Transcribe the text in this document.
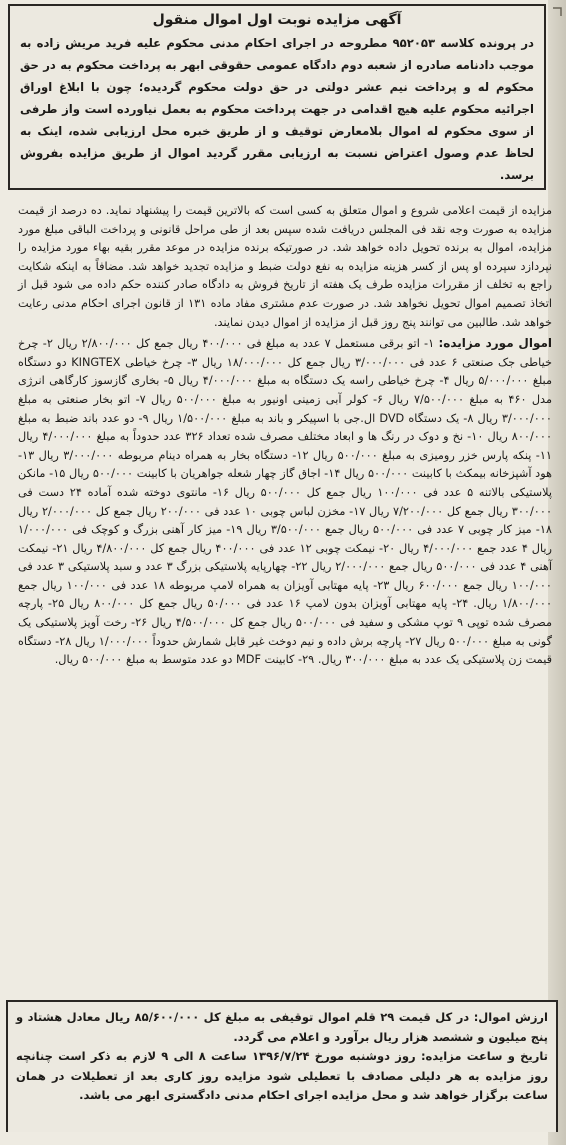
آگهی مزایده نوبت اول اموال منقول

در پرونده کلاسه ۹۵۲۰۵۳ مطروحه در اجرای احکام مدنی محکوم علیه فرید مریش زاده به موجب دادنامه صادره از شعبه دوم دادگاه عمومی حقوقی ابهر به پرداخت محکوم به در حق محکوم له و پرداخت نیم عشر دولتی در حق دولت محکوم گردیده؛ چون با ابلاغ اوراق اجرائیه محکوم علیه هیچ اقدامی در جهت پرداخت محکوم به بعمل نیاورده است واز طرفی از سوی محکوم له اموال بلامعارض توقیف و از طریق خبره محل ارزیابی شده، اینک به لحاظ عدم وصول اعتراض نسبت به ارزیابی مقرر گردید اموال از طریق مزایده بفروش برسد.

مزایده از قیمت اعلامی شروع و اموال متعلق به کسی است که بالاترین قیمت را پیشنهاد نماید. ده درصد از قیمت مزایده به صورت وجه نقد فی المجلس دریافت شده سپس بعد از طی مراحل قانونی و پرداخت الباقی مبلغ مورد مزایده، اموال به برنده تحویل داده خواهد شد. در صورتیکه برنده مزایده در موعد مقرر بقیه بهاء مورد مزایده را نپردازد سپرده او پس از کسر هزینه مزایده به نفع دولت ضبط و مزایده تجدید خواهد شد. مضافاً به اینکه شکایت راجع به تخلف از مقررات مزایده طرف یک هفته از تاریخ فروش به دادگاه صادر کننده حکم داده می شود قبل از اتخاذ تصمیم اموال تحویل نخواهد شد. در صورت عدم مشتری مفاد ماده ۱۳۱ از قانون اجرای احکام مدنی رعایت خواهد شد. طالبین می توانند پنج روز قبل از مزایده از اموال دیدن نمایند.

اموال مورد مزایده: ۱- اتو برقی مستعمل ۷ عدد به مبلغ فی ۴۰۰/۰۰۰ ریال جمع کل ۲/۸۰۰/۰۰۰ ریال ۲- چرخ خیاطی جک صنعتی ۶ عدد فی ۳/۰۰۰/۰۰۰ ریال جمع کل ۱۸/۰۰۰/۰۰۰ ریال ۳- چرخ خیاطی KINGTEX دو دستگاه مبلغ ۵/۰۰۰/۰۰۰ ریال ۴- چرخ خیاطی راسه یک دستگاه به مبلغ ۴/۰۰۰/۰۰۰ ریال ۵- بخاری گازسوز کارگاهی انرژی مدل ۴۶۰ به مبلغ ۷/۵۰۰/۰۰۰ ریال ۶- کولر آبی زمینی اونیور به مبلغ ۵۰۰/۰۰۰ ریال ۷- اتو بخار صنعتی به مبلغ ۳/۰۰۰/۰۰۰ ریال ۸- یک دستگاه DVD ال.جی با اسپیکر و باند به مبلغ ۱/۵۰۰/۰۰۰ ریال ۹- دو عدد باند ضبط به مبلغ ۸۰۰/۰۰۰ ریال ۱۰- نخ و دوک در رنگ ها و ابعاد مختلف مصرف شده تعداد ۳۲۶ عدد حدوداً به مبلغ ۴/۰۰۰/۰۰۰ ریال ۱۱- پنکه پارس خزر رومیزی به مبلغ ۵۰۰/۰۰۰ ریال ۱۲- دستگاه بخار به همراه دینام مربوطه ۳/۰۰۰/۰۰۰ ریال ۱۳- هود آشپزخانه بیمکث با کابینت ۵۰۰/۰۰۰ ریال ۱۴- اجاق گاز چهار شعله جواهریان با کابینت ۵۰۰/۰۰۰ ریال ۱۵- مانکن پلاستیکی بالاتنه ۵ عدد فی ۱۰۰/۰۰۰ ریال جمع کل ۵۰۰/۰۰۰ ریال ۱۶- مانتوی دوخته شده آماده ۲۴ دست فی ۳۰۰/۰۰۰ ریال جمع کل ۷/۲۰۰/۰۰۰ ریال ۱۷- مخزن لباس چوبی ۱۰ عدد فی ۲۰۰/۰۰۰ ریال جمع کل ۲/۰۰۰/۰۰۰ ریال ۱۸- میز کار چوبی ۷ عدد فی ۵۰۰/۰۰۰ ریال جمع ۳/۵۰۰/۰۰۰ ریال ۱۹- میز کار آهنی بزرگ و کوچک فی ۱/۰۰۰/۰۰۰ ریال ۴ عدد جمع ۴/۰۰۰/۰۰۰ ریال ۲۰- نیمکت چوبی ۱۲ عدد فی ۴۰۰/۰۰۰ ریال جمع کل ۴/۸۰۰/۰۰۰ ریال ۲۱- نیمکت آهنی ۴ عدد فی ۵۰۰/۰۰۰ ریال جمع ۲/۰۰۰/۰۰۰ ریال ۲۲- چهارپایه پلاستیکی بزرگ ۳ عدد و سبد پلاستیکی ۳ عدد فی ۱۰۰/۰۰۰ ریال جمع ۶۰۰/۰۰۰ ریال ۲۳- پایه مهتابی آویزان به همراه لامپ مربوطه ۱۸ عدد فی ۱۰۰/۰۰۰ ریال جمع ۱/۸۰۰/۰۰۰ ریال. ۲۴- پایه مهتابی آویزان بدون لامپ ۱۶ عدد فی ۵۰/۰۰۰ ریال جمع کل ۸۰۰/۰۰۰ ریال ۲۵- پارچه مصرف شده توپی ۹ توپ مشکی و سفید فی ۵۰۰/۰۰۰ ریال جمع کل ۴/۵۰۰/۰۰۰ ریال ۲۶- رخت آویز پلاستیکی یک گونی به مبلغ ۵۰۰/۰۰۰ ریال ۲۷- پارچه برش داده و نیم دوخت غیر قابل شمارش حدوداً ۱/۰۰۰/۰۰۰ ریال ۲۸- دستگاه قیمت زن پلاستیکی یک عدد به مبلغ ۳۰۰/۰۰۰ ریال. ۲۹- کابینت MDF دو عدد متوسط به مبلغ ۵۰۰/۰۰۰ ریال.

ارزش اموال: در کل قیمت ۲۹ قلم اموال توقیفی به مبلغ کل ۸۵/۶۰۰/۰۰۰ ریال معادل هشتاد و پنج میلیون و ششصد هزار ریال برآورد و اعلام می گردد.

تاریخ و ساعت مزایده: روز دوشنبه مورخ ۱۳۹۶/۷/۲۴ ساعت ۸ الی ۹ لازم به ذکر است چنانچه روز مزایده به هر دلیلی مصادف با تعطیلی شود مزایده روز کاری بعد از تعطیلات در همان ساعت برگزار خواهد شد و محل مزایده اجرای احکام مدنی دادگستری ابهر می باشد.
